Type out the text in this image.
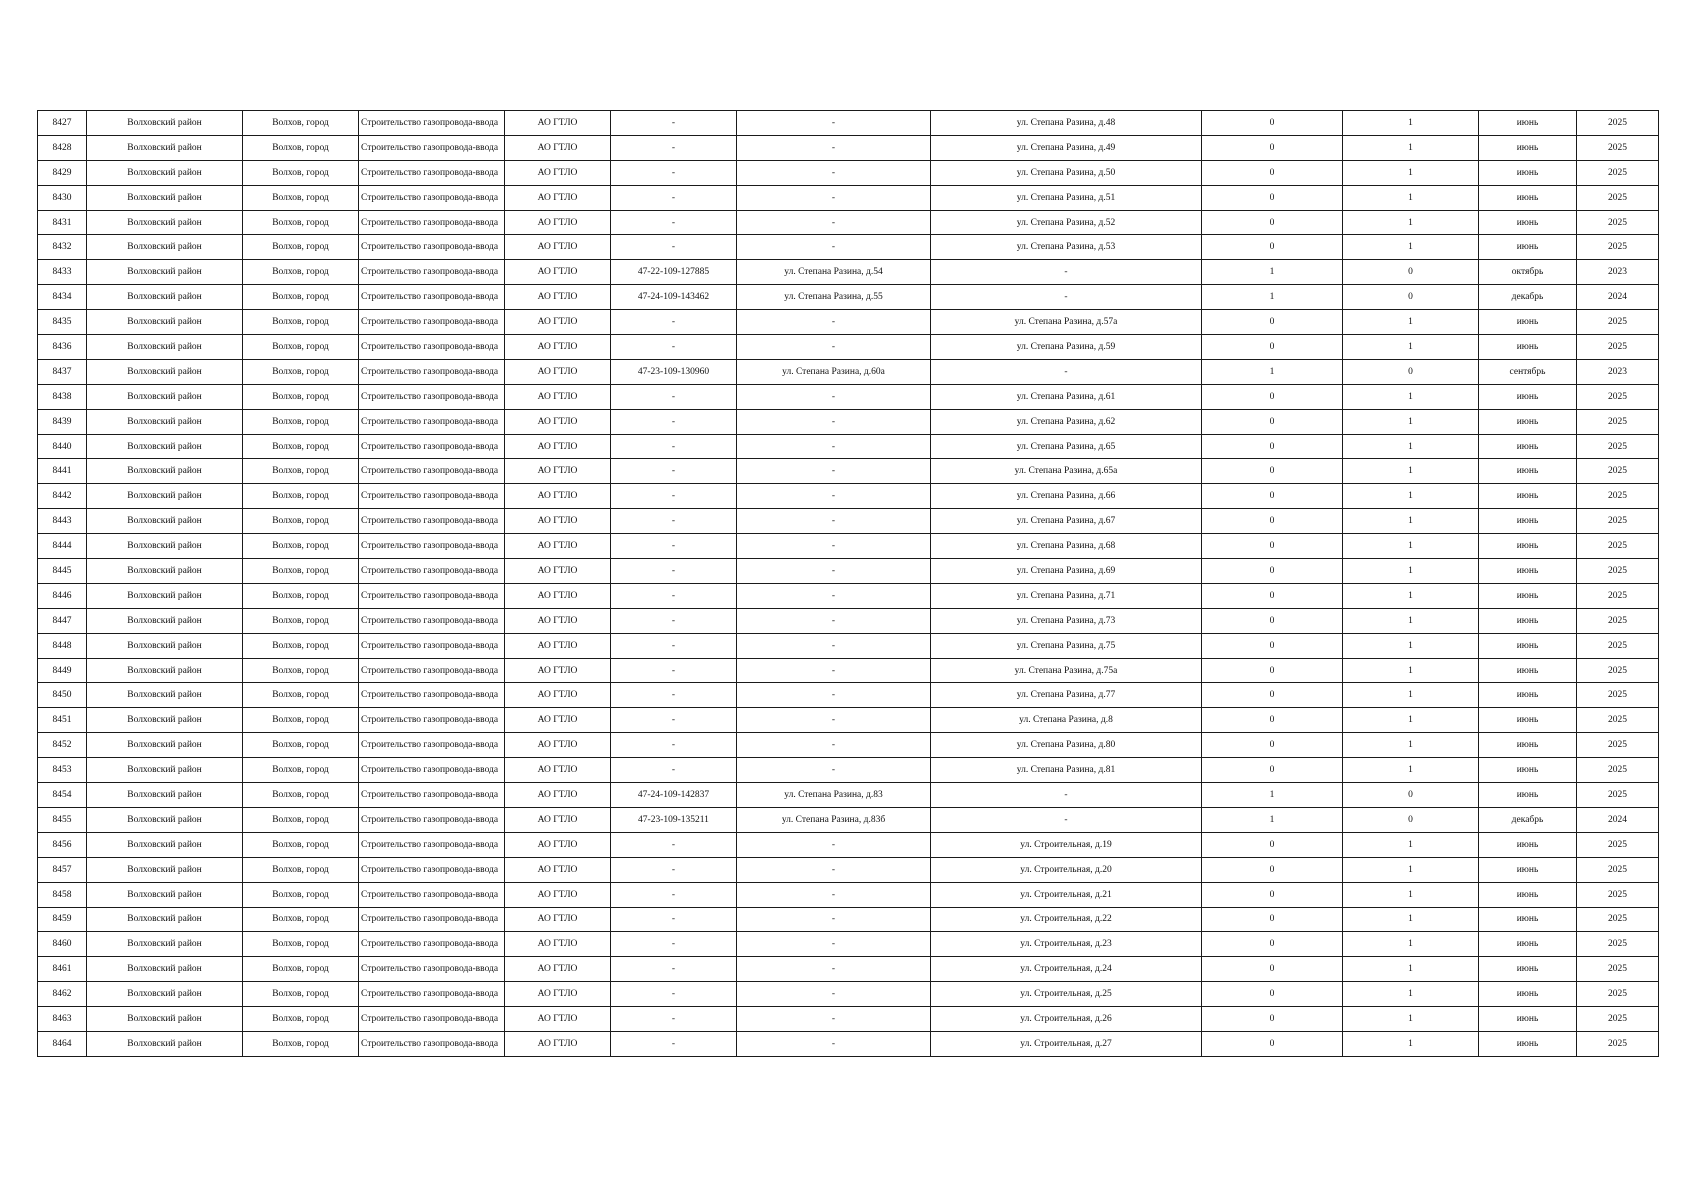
8427	Волховский район	Волхов, город	Строительство газопровода-ввода	АО ГТЛО	-	-	ул. Степана Разина, д.48	0	1	июнь	2025
8428	Волховский район	Волхов, город	Строительство газопровода-ввода	АО ГТЛО	-	-	ул. Степана Разина, д.49	0	1	июнь	2025
8429	Волховский район	Волхов, город	Строительство газопровода-ввода	АО ГТЛО	-	-	ул. Степана Разина, д.50	0	1	июнь	2025
8430	Волховский район	Волхов, город	Строительство газопровода-ввода	АО ГТЛО	-	-	ул. Степана Разина, д.51	0	1	июнь	2025
8431	Волховский район	Волхов, город	Строительство газопровода-ввода	АО ГТЛО	-	-	ул. Степана Разина, д.52	0	1	июнь	2025
8432	Волховский район	Волхов, город	Строительство газопровода-ввода	АО ГТЛО	-	-	ул. Степана Разина, д.53	0	1	июнь	2025
8433	Волховский район	Волхов, город	Строительство газопровода-ввода	АО ГТЛО	47-22-109-127885	ул. Степана Разина, д.54	-	1	0	октябрь	2023
8434	Волховский район	Волхов, город	Строительство газопровода-ввода	АО ГТЛО	47-24-109-143462	ул. Степана Разина, д.55	-	1	0	декабрь	2024
8435	Волховский район	Волхов, город	Строительство газопровода-ввода	АО ГТЛО	-	-	ул. Степана Разина, д.57а	0	1	июнь	2025
8436	Волховский район	Волхов, город	Строительство газопровода-ввода	АО ГТЛО	-	-	ул. Степана Разина, д.59	0	1	июнь	2025
8437	Волховский район	Волхов, город	Строительство газопровода-ввода	АО ГТЛО	47-23-109-130960	ул. Степана Разина, д.60а	-	1	0	сентябрь	2023
8438	Волховский район	Волхов, город	Строительство газопровода-ввода	АО ГТЛО	-	-	ул. Степана Разина, д.61	0	1	июнь	2025
8439	Волховский район	Волхов, город	Строительство газопровода-ввода	АО ГТЛО	-	-	ул. Степана Разина, д.62	0	1	июнь	2025
8440	Волховский район	Волхов, город	Строительство газопровода-ввода	АО ГТЛО	-	-	ул. Степана Разина, д.65	0	1	июнь	2025
8441	Волховский район	Волхов, город	Строительство газопровода-ввода	АО ГТЛО	-	-	ул. Степана Разина, д.65а	0	1	июнь	2025
8442	Волховский район	Волхов, город	Строительство газопровода-ввода	АО ГТЛО	-	-	ул. Степана Разина, д.66	0	1	июнь	2025
8443	Волховский район	Волхов, город	Строительство газопровода-ввода	АО ГТЛО	-	-	ул. Степана Разина, д.67	0	1	июнь	2025
8444	Волховский район	Волхов, город	Строительство газопровода-ввода	АО ГТЛО	-	-	ул. Степана Разина, д.68	0	1	июнь	2025
8445	Волховский район	Волхов, город	Строительство газопровода-ввода	АО ГТЛО	-	-	ул. Степана Разина, д.69	0	1	июнь	2025
8446	Волховский район	Волхов, город	Строительство газопровода-ввода	АО ГТЛО	-	-	ул. Степана Разина, д.71	0	1	июнь	2025
8447	Волховский район	Волхов, город	Строительство газопровода-ввода	АО ГТЛО	-	-	ул. Степана Разина, д.73	0	1	июнь	2025
8448	Волховский район	Волхов, город	Строительство газопровода-ввода	АО ГТЛО	-	-	ул. Степана Разина, д.75	0	1	июнь	2025
8449	Волховский район	Волхов, город	Строительство газопровода-ввода	АО ГТЛО	-	-	ул. Степана Разина, д.75а	0	1	июнь	2025
8450	Волховский район	Волхов, город	Строительство газопровода-ввода	АО ГТЛО	-	-	ул. Степана Разина, д.77	0	1	июнь	2025
8451	Волховский район	Волхов, город	Строительство газопровода-ввода	АО ГТЛО	-	-	ул. Степана Разина, д.8	0	1	июнь	2025
8452	Волховский район	Волхов, город	Строительство газопровода-ввода	АО ГТЛО	-	-	ул. Степана Разина, д.80	0	1	июнь	2025
8453	Волховский район	Волхов, город	Строительство газопровода-ввода	АО ГТЛО	-	-	ул. Степана Разина, д.81	0	1	июнь	2025
8454	Волховский район	Волхов, город	Строительство газопровода-ввода	АО ГТЛО	47-24-109-142837	ул. Степана Разина, д.83	-	1	0	июнь	2025
8455	Волховский район	Волхов, город	Строительство газопровода-ввода	АО ГТЛО	47-23-109-135211	ул. Степана Разина, д.83б	-	1	0	декабрь	2024
8456	Волховский район	Волхов, город	Строительство газопровода-ввода	АО ГТЛО	-	-	ул. Строительная, д.19	0	1	июнь	2025
8457	Волховский район	Волхов, город	Строительство газопровода-ввода	АО ГТЛО	-	-	ул. Строительная, д.20	0	1	июнь	2025
8458	Волховский район	Волхов, город	Строительство газопровода-ввода	АО ГТЛО	-	-	ул. Строительная, д.21	0	1	июнь	2025
8459	Волховский район	Волхов, город	Строительство газопровода-ввода	АО ГТЛО	-	-	ул. Строительная, д.22	0	1	июнь	2025
8460	Волховский район	Волхов, город	Строительство газопровода-ввода	АО ГТЛО	-	-	ул. Строительная, д.23	0	1	июнь	2025
8461	Волховский район	Волхов, город	Строительство газопровода-ввода	АО ГТЛО	-	-	ул. Строительная, д.24	0	1	июнь	2025
8462	Волховский район	Волхов, город	Строительство газопровода-ввода	АО ГТЛО	-	-	ул. Строительная, д.25	0	1	июнь	2025
8463	Волховский район	Волхов, город	Строительство газопровода-ввода	АО ГТЛО	-	-	ул. Строительная, д.26	0	1	июнь	2025
8464	Волховский район	Волхов, город	Строительство газопровода-ввода	АО ГТЛО	-	-	ул. Строительная, д.27	0	1	июнь	2025
